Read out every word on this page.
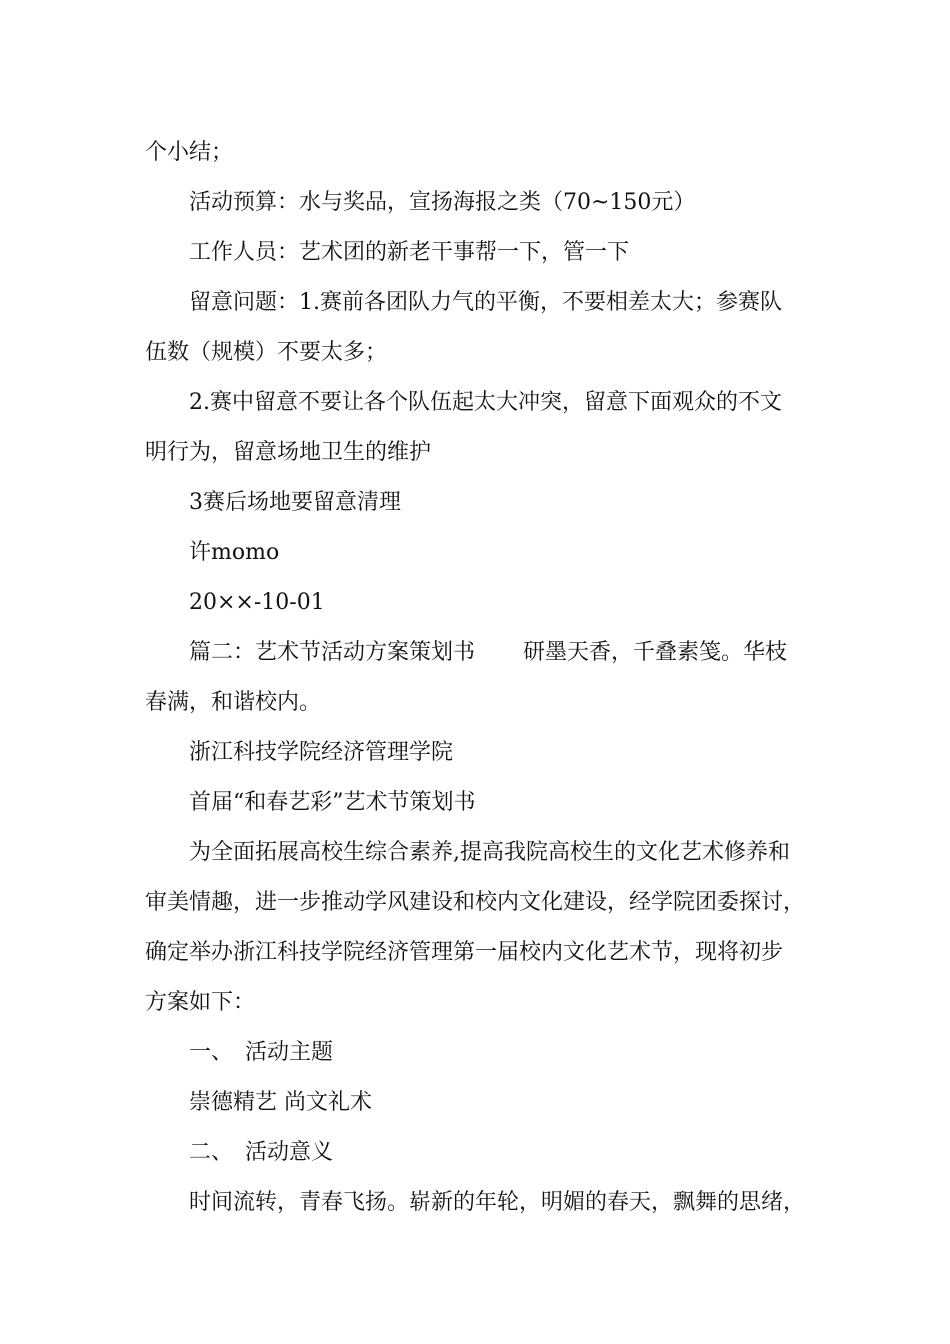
个小结；
活动预算：水与奖品，宣扬海报之类（70~150元）
工作人员：艺术团的新老干事帮一下，管一下
留意问题：1.赛前各团队力气的平衡，不要相差太大；参赛队
伍数（规模）不要太多；
2.赛中留意不要让各个队伍起太大冲突，留意下面观众的不文
明行为，留意场地卫生的维护
3赛后场地要留意清理
许momo
20××-10-01
篇二：艺术节活动方案策划书 研墨天香，千叠素笺。华枝
春满，和谐校内。
浙江科技学院经济管理学院
首届“和春艺彩”艺术节策划书
为全面拓展高校生综合素养,提高我院高校生的文化艺术修养和
审美情趣，进一步推动学风建设和校内文化建设，经学院团委探讨，
确定举办浙江科技学院经济管理第一届校内文化艺术节，现将初步
方案如下：
一、 活动主题
崇德精艺 尚文礼术
二、 活动意义
时间流转，青春飞扬。崭新的年轮，明媚的春天，飘舞的思绪，
